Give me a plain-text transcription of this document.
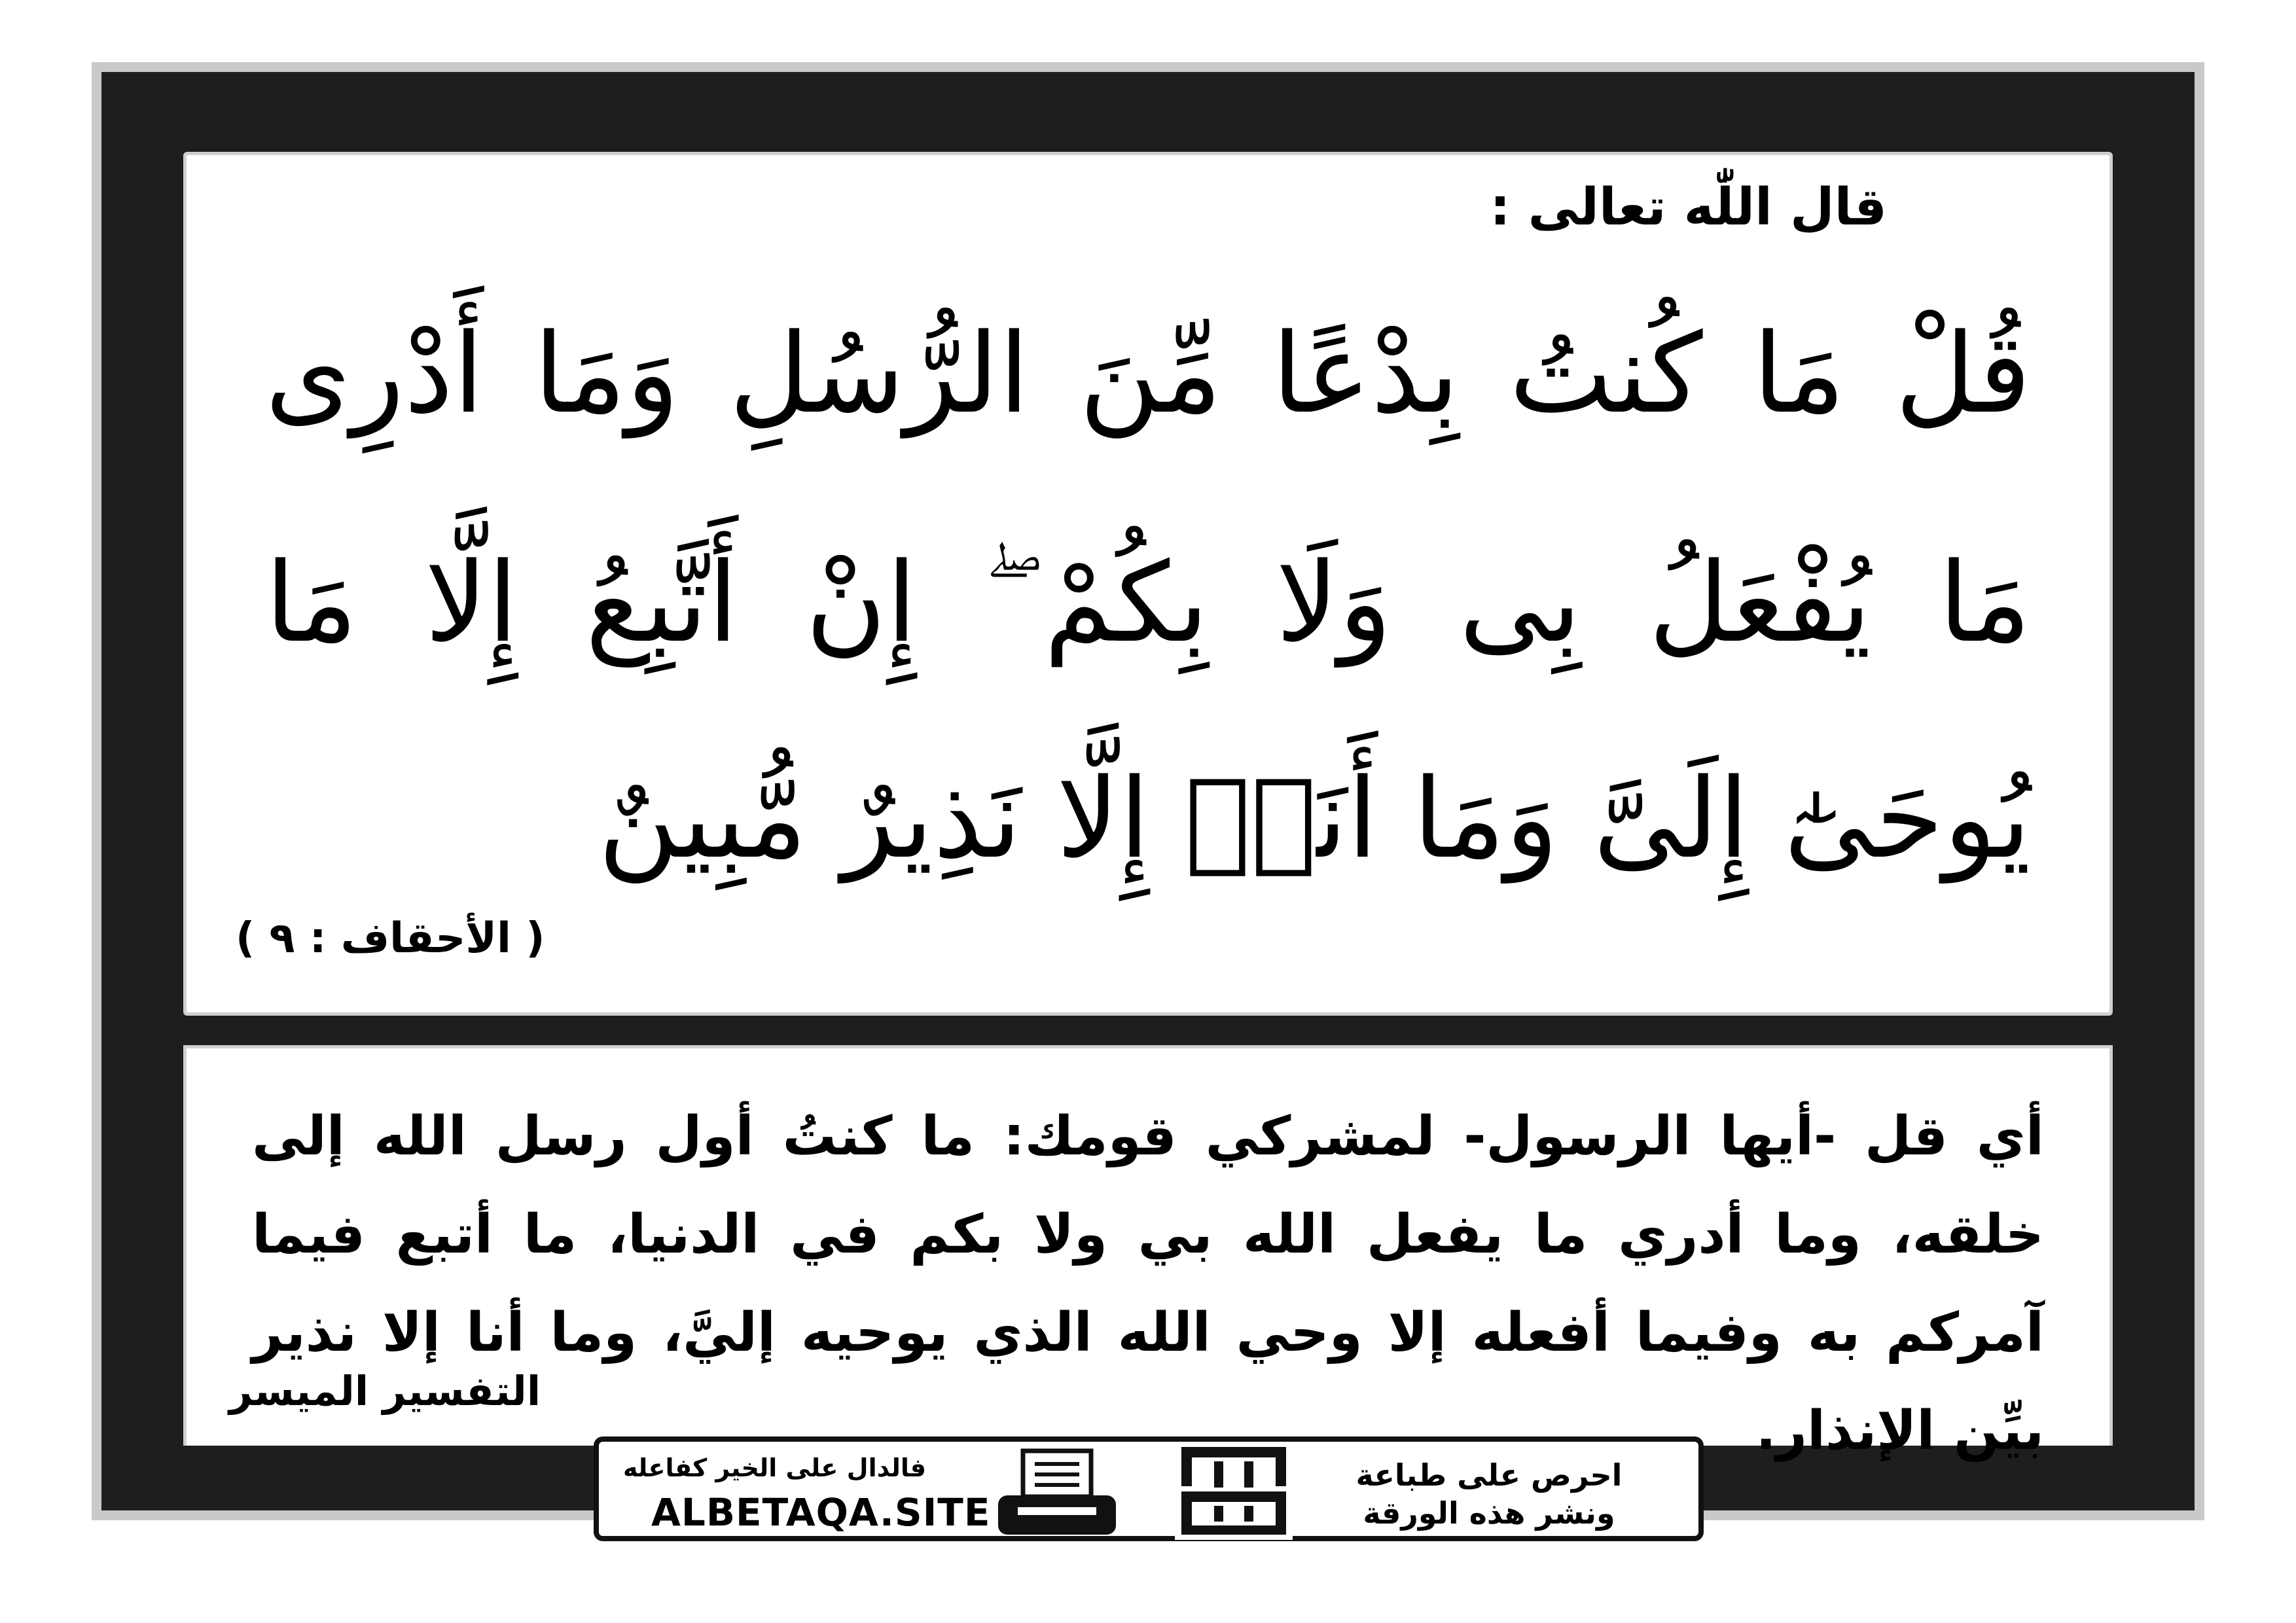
قال اللّٰه تعالى :
قُلْ مَا كُنتُ بِدْعًا مِّنَ الرُّسُلِ وَمَا أَدْرِى
مَا يُفْعَلُ بِى وَلَا بِكُمْ ۖ إِنْ أَتَّبِعُ إِلَّا مَا
يُوحَىٰٓ إِلَىَّ وَمَا أَنَا۠ إِلَّا نَذِيرٌ مُّبِينٌ
( الأحقاف : ٩ )
أي قل -أيها الرسول- لمشركي قومك: ما كنتُ أول رسل الله إلى خلقه، وما أدري ما يفعل الله بي ولا بكم في الدنيا، ما أتبع فيما آمركم به وفيما أفعله إلا وحي الله الذي يوحيه إليَّ، وما أنا إلا نذير بيِّن الإنذار.
التفسير الميسر
فالدال على الخير كفاعله
ALBETAQA.SITE
احرص على طباعة
ونشر هذه الورقة
